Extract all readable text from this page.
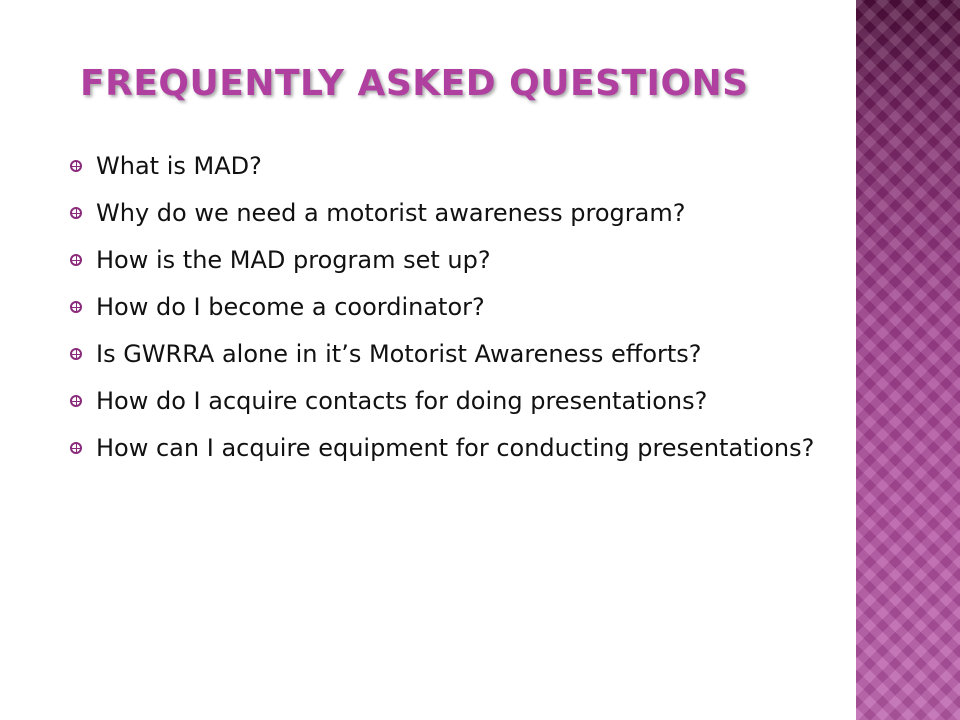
FREQUENTLY ASKED QUESTIONS
What is MAD?
Why do we need a motorist awareness program?
How is the MAD program set up?
How do I become a coordinator?
Is GWRRA alone in it’s Motorist Awareness efforts?
How do I acquire contacts for doing presentations?
How can I acquire equipment for conducting presentations?
